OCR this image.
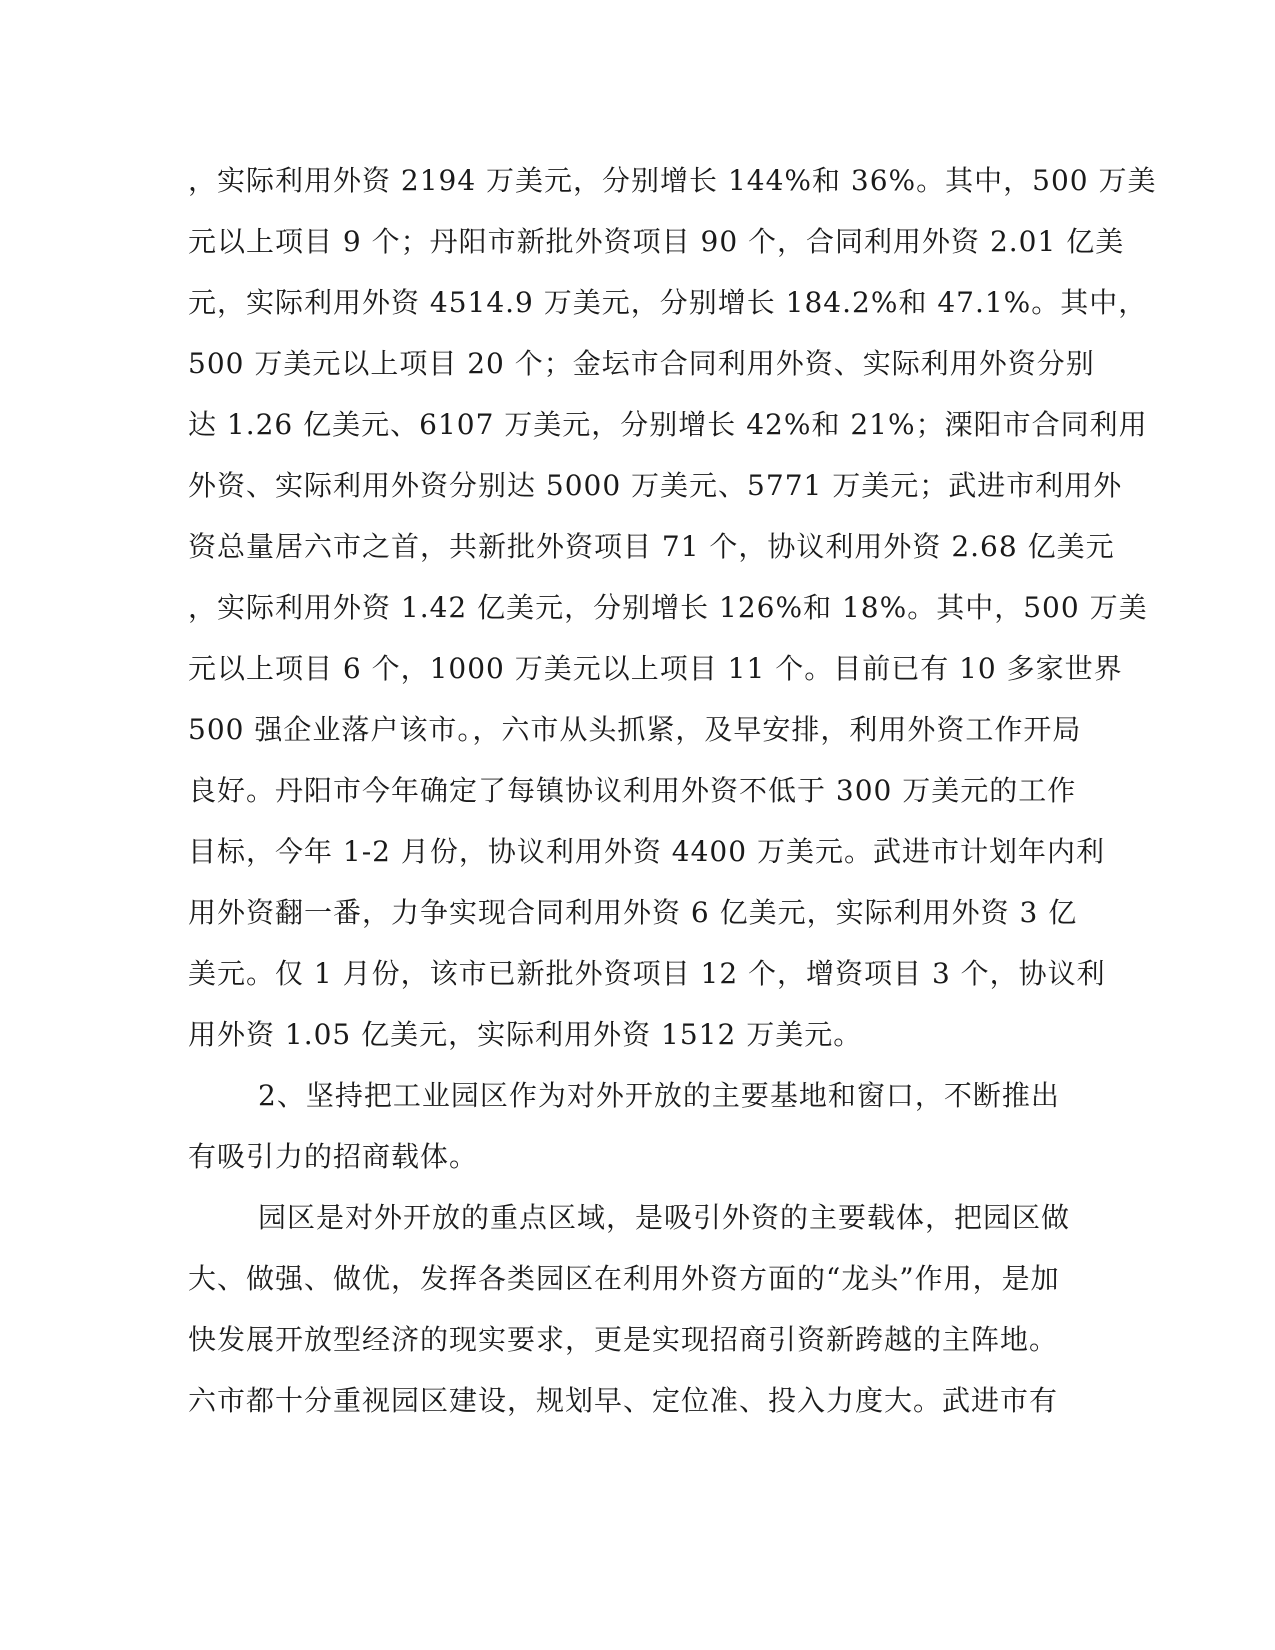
，实际利用外资 2194 万美元，分别增长 144%和 36%。其中，500 万美
元以上项目 9 个；丹阳市新批外资项目 90 个，合同利用外资 2.01 亿美
元，实际利用外资 4514.9 万美元，分别增长 184.2%和 47.1%。其中，
500 万美元以上项目 20 个；金坛市合同利用外资、实际利用外资分别
达 1.26 亿美元、6107 万美元，分别增长 42%和 21%；溧阳市合同利用
外资、实际利用外资分别达 5000 万美元、5771 万美元；武进市利用外
资总量居六市之首，共新批外资项目 71 个，协议利用外资 2.68 亿美元
，实际利用外资 1.42 亿美元，分别增长 126%和 18%。其中，500 万美
元以上项目 6 个，1000 万美元以上项目 11 个。目前已有 10 多家世界
500 强企业落户该市。，六市从头抓紧，及早安排，利用外资工作开局
良好。丹阳市今年确定了每镇协议利用外资不低于 300 万美元的工作
目标，今年 1-2 月份，协议利用外资 4400 万美元。武进市计划年内利
用外资翻一番，力争实现合同利用外资 6 亿美元，实际利用外资 3 亿
美元。仅 1 月份，该市已新批外资项目 12 个，增资项目 3 个，协议利
用外资 1.05 亿美元，实际利用外资 1512 万美元。
2、坚持把工业园区作为对外开放的主要基地和窗口，不断推出
有吸引力的招商载体。
园区是对外开放的重点区域，是吸引外资的主要载体，把园区做
大、做强、做优，发挥各类园区在利用外资方面的“龙头”作用，是加
快发展开放型经济的现实要求，更是实现招商引资新跨越的主阵地。
六市都十分重视园区建设，规划早、定位准、投入力度大。武进市有
